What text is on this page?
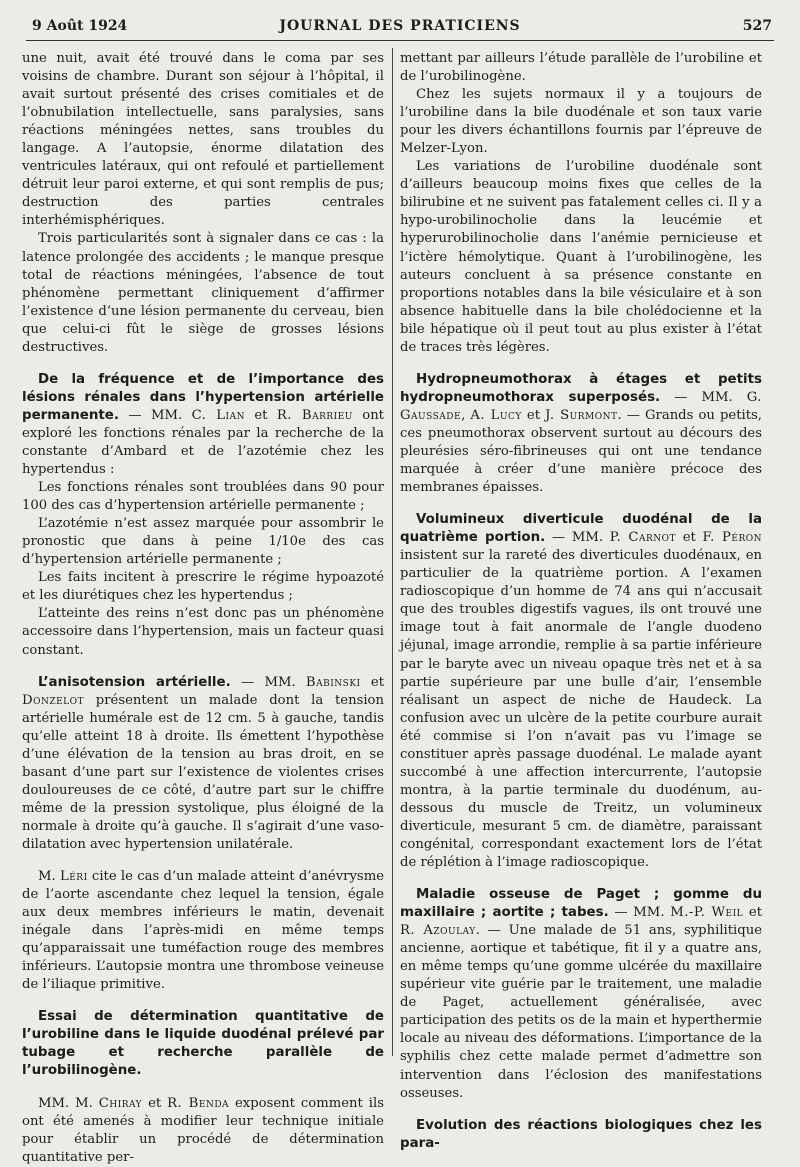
9 Août 1924	JOURNAL DES PRATICIENS	527

une nuit, avait été trouvé dans le coma par ses voisins de chambre. Durant son séjour à l’hôpital, il avait surtout présenté des crises comitiales et de l’obnubilation intellectuelle, sans paralysies, sans réactions méningées nettes, sans troubles du langage. A l’autopsie, énorme dilatation des ventricules latéraux, qui ont refoulé et partiellement détruit leur paroi externe, et qui sont remplis de pus; destruction des parties centrales interhémisphériques.

Trois particularités sont à signaler dans ce cas : la latence prolongée des accidents ; le manque presque total de réactions méningées, l’absence de tout phénomène permettant cliniquement d’affirmer l’existence d’une lésion permanente du cerveau, bien que celui-ci fût le siège de grosses lésions destructives.

De la fréquence et de l’importance des lésions rénales dans l’hypertension artérielle permanente. — MM. C. Lian et R. Barrieu ont exploré les fonctions rénales par la recherche de la constante d’Ambard et de l’azotémie chez les hypertendus :

Les fonctions rénales sont troublées dans 90 pour 100 des cas d’hypertension artérielle permanente ;

L’azotémie n’est assez marquée pour assombrir le pronostic que dans à peine 1/10e des cas d’hypertension artérielle permanente ;

Les faits incitent à prescrire le régime hypoazoté et les diurétiques chez les hypertendus ;

L’atteinte des reins n’est donc pas un phénomène accessoire dans l’hypertension, mais un facteur quasi constant.

L’anisotension artérielle. — MM. Babinski et Donzelot présentent un malade dont la tension artérielle humérale est de 12 cm. 5 à gauche, tandis qu’elle atteint 18 à droite. Ils émettent l’hypothèse d’une élévation de la tension au bras droit, en se basant d’une part sur l’existence de violentes crises douloureuses de ce côté, d’autre part sur le chiffre même de la pression systolique, plus éloigné de la normale à droite qu’à gauche. Il s’agirait d’une vaso-dilatation avec hypertension unilatérale.

M. Léri cite le cas d’un malade atteint d’anévrysme de l’aorte ascendante chez lequel la tension, égale aux deux membres inférieurs le matin, devenait inégale dans l’après-midi en même temps qu’apparaissait une tuméfaction rouge des membres inférieurs. L’autopsie montra une thrombose veineuse de l’iliaque primitive.

Essai de détermination quantitative de l’urobiline dans le liquide duodénal prélevé par tubage et recherche parallèle de l’urobilinogène.

MM. M. Chiray et R. Benda exposent comment ils ont été amenés à modifier leur technique initiale pour établir un procédé de détermination quantitative per-

mettant par ailleurs l’étude parallèle de l’urobiline et de l’urobilinogène.

Chez les sujets normaux il y a toujours de l’urobiline dans la bile duodénale et son taux varie pour les divers échantillons fournis par l’épreuve de Melzer-Lyon.

Les variations de l’urobiline duodénale sont d’ailleurs beaucoup moins fixes que celles de la bilirubine et ne suivent pas fatalement celles ci. Il y a hypo-urobilinocholie dans la leucémie et hyperurobilinocholie dans l’anémie pernicieuse et l’ictère hémolytique. Quant à l’urobilinogène, les auteurs concluent à sa présence constante en proportions notables dans la bile vésiculaire et à son absence habituelle dans la bile cholédocienne et la bile hépatique où il peut tout au plus exister à l’état de traces très légères.

Hydropneumothorax à étages et petits hydropneumothorax superposés. — MM. G. Gaussade, A. Lucy et J. Surmont. — Grands ou petits, ces pneumothorax observent surtout au décours des pleurésies séro-fibrineuses qui ont une tendance marquée à créer d’une manière précoce des membranes épaisses.

Volumineux diverticule duodénal de la quatrième portion. — MM. P. Carnot et F. Péron insistent sur la rareté des diverticules duodénaux, en particulier de la quatrième portion. A l’examen radioscopique d’un homme de 74 ans qui n’accusait que des troubles digestifs vagues, ils ont trouvé une image tout à fait anormale de l’angle duodeno jéjunal, image arrondie, remplie à sa partie inférieure par le baryte avec un niveau opaque très net et à sa partie supérieure par une bulle d’air, l’ensemble réalisant un aspect de niche de Haudeck. La confusion avec un ulcère de la petite courbure aurait été commise si l’on n’avait pas vu l’image se constituer après passage duodénal. Le malade ayant succombé à une affection intercurrente, l’autopsie montra, à la partie terminale du duodénum, au-dessous du muscle de Treitz, un volumineux diverticule, mesurant 5 cm. de diamètre, paraissant congénital, correspondant exactement lors de l’état de réplétion à l’image radioscopique.

Maladie osseuse de Paget ; gomme du maxillaire ; aortite ; tabes. — MM. M.-P. Weil et R. Azoulay. — Une malade de 51 ans, syphilitique ancienne, aortique et tabétique, fit il y a quatre ans, en même temps qu’une gomme ulcérée du maxillaire supérieur vite guérie par le traitement, une maladie de Paget, actuellement généralisée, avec participation des petits os de la main et hyperthermie locale au niveau des déformations. L’importance de la syphilis chez cette malade permet d’admettre son intervention dans l’éclosion des manifestations osseuses.

Evolution des réactions biologiques chez les para-
